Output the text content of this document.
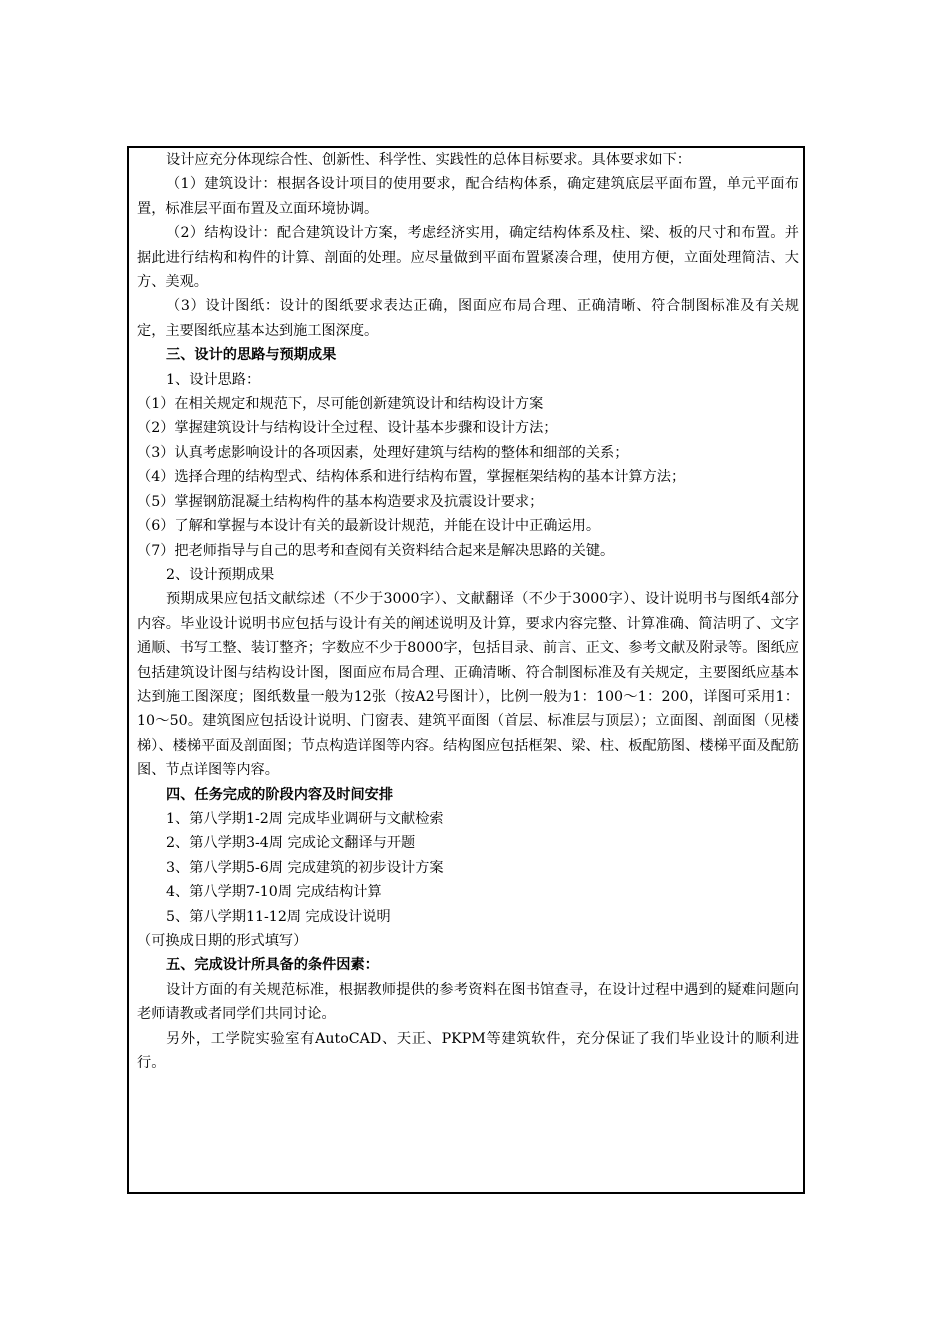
设计应充分体现综合性、创新性、科学性、实践性的总体目标要求。具体要求如下：

（1）建筑设计：根据各设计项目的使用要求，配合结构体系，确定建筑底层平面布置，单元平面布置，标准层平面布置及立面环境协调。

（2）结构设计：配合建筑设计方案，考虑经济实用，确定结构体系及柱、梁、板的尺寸和布置。并据此进行结构和构件的计算、剖面的处理。应尽量做到平面布置紧凑合理，使用方便，立面处理简洁、大方、美观。

（3）设计图纸：设计的图纸要求表达正确，图面应布局合理、正确清晰、符合制图标准及有关规定，主要图纸应基本达到施工图深度。

三、设计的思路与预期成果

1、设计思路：

（1）在相关规定和规范下，尽可能创新建筑设计和结构设计方案

（2）掌握建筑设计与结构设计全过程、设计基本步骤和设计方法；

（3）认真考虑影响设计的各项因素，处理好建筑与结构的整体和细部的关系；

（4）选择合理的结构型式、结构体系和进行结构布置，掌握框架结构的基本计算方法；

（5）掌握钢筋混凝土结构构件的基本构造要求及抗震设计要求；

（6）了解和掌握与本设计有关的最新设计规范，并能在设计中正确运用。

（7）把老师指导与自己的思考和查阅有关资料结合起来是解决思路的关键。

2、设计预期成果

预期成果应包括文献综述（不少于3000字）、文献翻译（不少于3000字）、设计说明书与图纸4部分内容。毕业设计说明书应包括与设计有关的阐述说明及计算，要求内容完整、计算准确、简洁明了、文字通顺、书写工整、装订整齐；字数应不少于8000字，包括目录、前言、正文、参考文献及附录等。图纸应包括建筑设计图与结构设计图，图面应布局合理、正确清晰、符合制图标准及有关规定，主要图纸应基本达到施工图深度；图纸数量一般为12张（按A2号图计），比例一般为1：100～1：200，详图可采用1：10～50。建筑图应包括设计说明、门窗表、建筑平面图（首层、标准层与顶层）；立面图、剖面图（见楼梯）、楼梯平面及剖面图；节点构造详图等内容。结构图应包括框架、梁、柱、板配筋图、楼梯平面及配筋图、节点详图等内容。

四、任务完成的阶段内容及时间安排

1、第八学期1-2周 完成毕业调研与文献检索

2、第八学期3-4周 完成论文翻译与开题

3、第八学期5-6周 完成建筑的初步设计方案

4、第八学期7-10周 完成结构计算

5、第八学期11-12周 完成设计说明

（可换成日期的形式填写）

五、完成设计所具备的条件因素：

设计方面的有关规范标准，根据教师提供的参考资料在图书馆查寻，在设计过程中遇到的疑难问题向老师请教或者同学们共同讨论。

另外，工学院实验室有AutoCAD、天正、PKPM等建筑软件，充分保证了我们毕业设计的顺利进行。
